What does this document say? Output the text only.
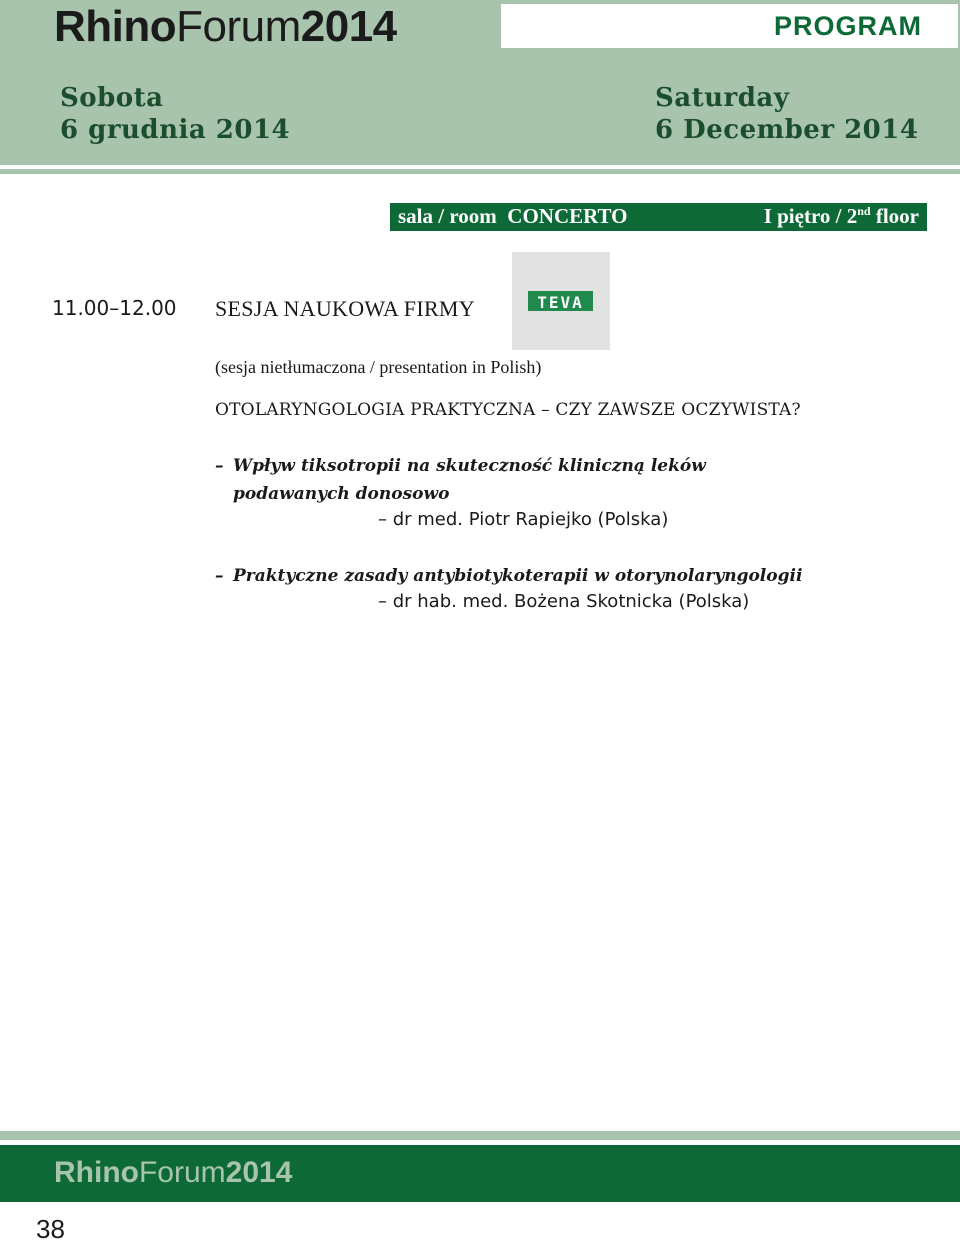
RhinoForum2014	PROGRAM
Sobota
6 grudnia 2014
Saturday
6 December 2014
sala / room  CONCERTO	I piętro / 2nd floor
11.00–12.00 SESJA NAUKOWA FIRMY	TEVA
(sesja nietłumaczona / presentation in Polish)
OTOLARYNGOLOGIA PRAKTYCZNA – CZY ZAWSZE OCZYWISTA?
– Wpływ tiksotropii na skuteczność kliniczną leków podawanych donosowo
– dr med. Piotr Rapiejko (Polska)
– Praktyczne zasady antybiotykoterapii w otorynolaryngologii
– dr hab. med. Bożena Skotnicka (Polska)
RhinoForum2014
38
